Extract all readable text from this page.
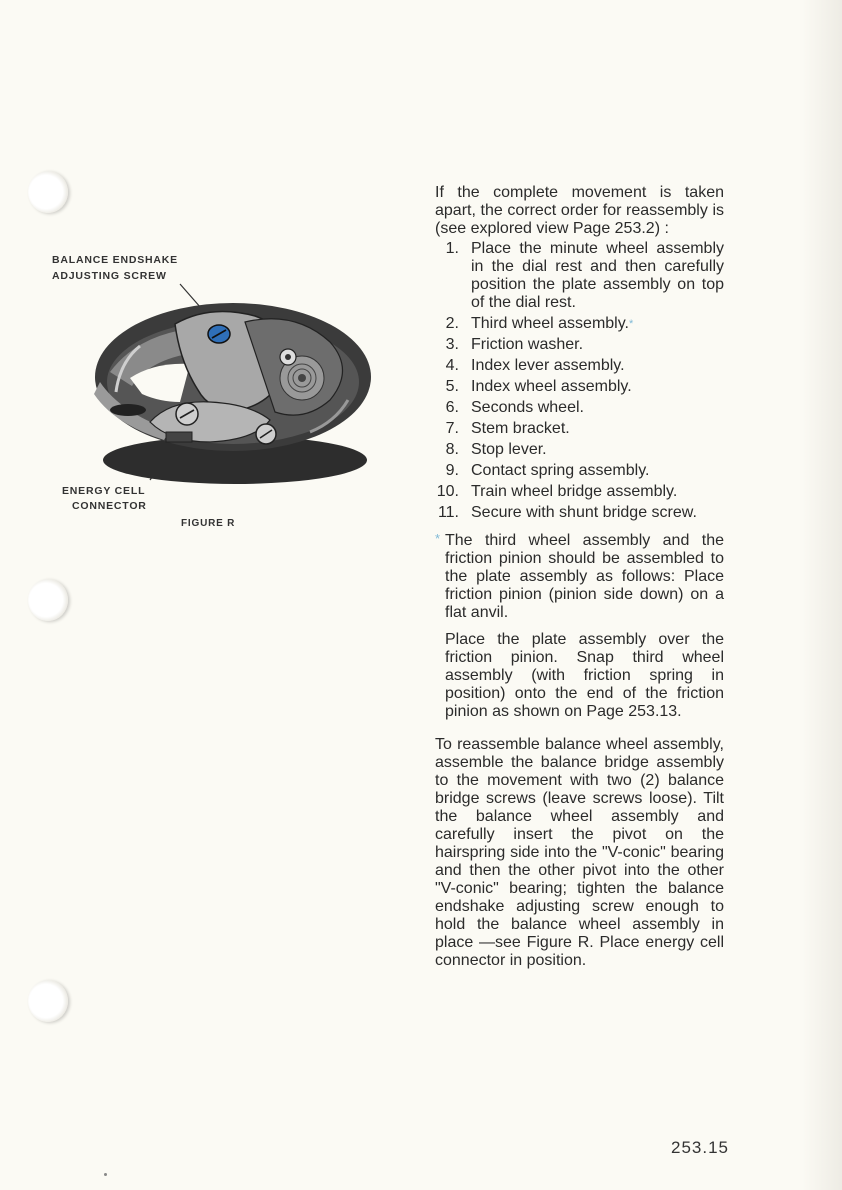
BALANCE ENDSHAKE
ADJUSTING SCREW
ENERGY CELL
CONNECTOR
FIGURE R

If the complete movement is taken apart, the correct order for reassembly is (see explored view Page 253.2) :

1. Place the minute wheel assembly in the dial rest and then carefully position the plate assembly on top of the dial rest.
2. Third wheel assembly.*
3. Friction washer.
4. Index lever assembly.
5. Index wheel assembly.
6. Seconds wheel.
7. Stem bracket.
8. Stop lever.
9. Contact spring assembly.
10. Train wheel bridge assembly.
11. Secure with shunt bridge screw.

* The third wheel assembly and the friction pinion should be assembled to the plate assembly as follows: Place friction pinion (pinion side down) on a flat anvil.

Place the plate assembly over the friction pinion. Snap third wheel assembly (with friction spring in position) onto the end of the friction pinion as shown on Page 253.13.

To reassemble balance wheel assembly, assemble the balance bridge assembly to the movement with two (2) balance bridge screws (leave screws loose). Tilt the balance wheel assembly and carefully insert the pivot on the hairspring side into the "V-conic" bearing and then the other pivot into the other "V-conic" bearing; tighten the balance endshake adjusting screw enough to hold the balance wheel assembly in place —see Figure R. Place energy cell connector in position.

253.15
